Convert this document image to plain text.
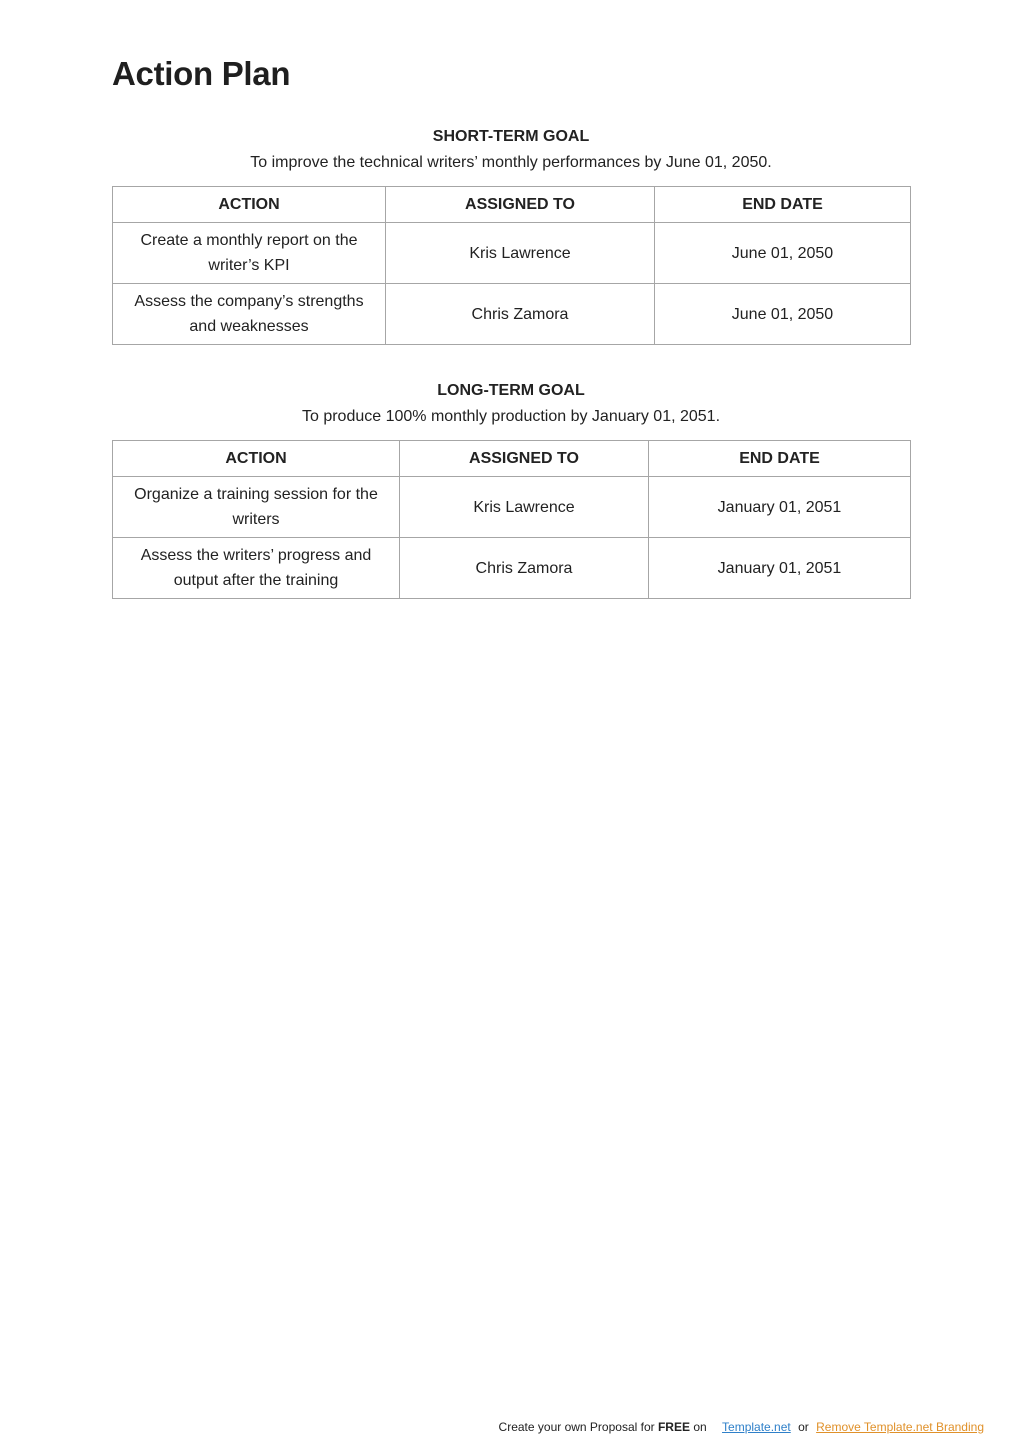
Action Plan

SHORT-TERM GOAL

To improve the technical writers’ monthly performances by June 01, 2050.

ACTION	ASSIGNED TO	END DATE
Create a monthly report on the writer’s KPI	Kris Lawrence	June 01, 2050
Assess the company’s strengths and weaknesses	Chris Zamora	June 01, 2050

LONG-TERM GOAL

To produce 100% monthly production by January 01, 2051.

ACTION	ASSIGNED TO	END DATE
Organize a training session for the writers	Kris Lawrence	January 01, 2051
Assess the writers’ progress and output after the training	Chris Zamora	January 01, 2051
Create your own Proposal for FREE on Template.net or Remove Template.net Branding
